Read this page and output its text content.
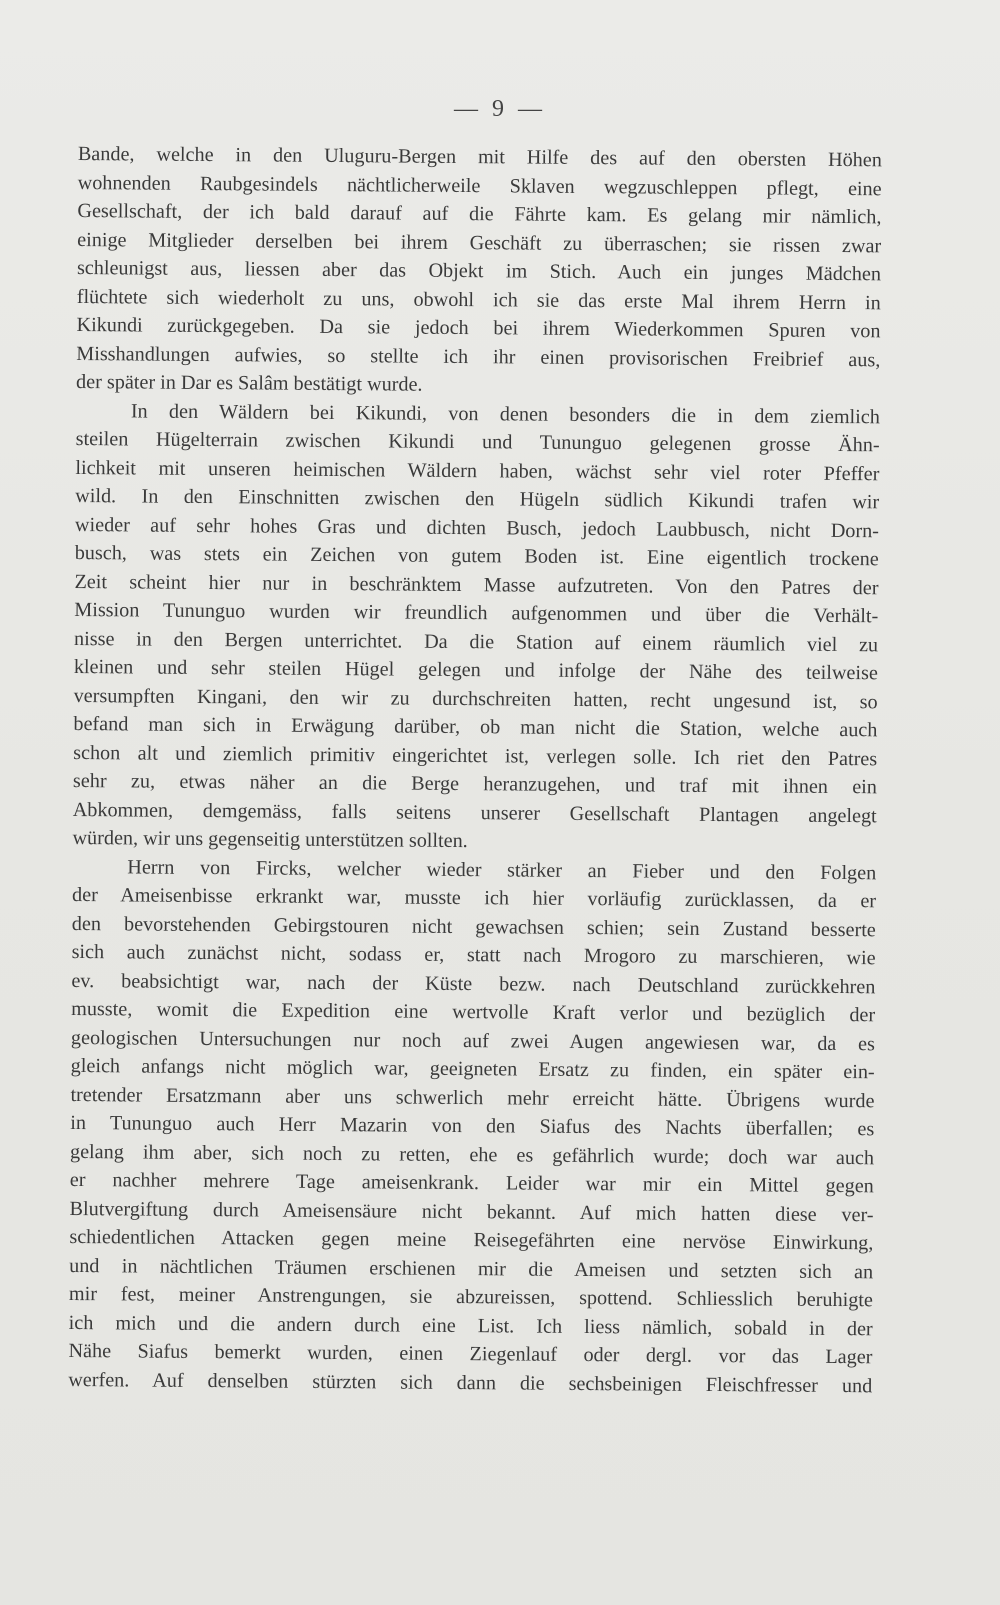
— 9 —
Bande, welche in den Uluguru-Bergen mit Hilfe des auf den obersten Höhen
wohnenden Raubgesindels nächtlicherweile Sklaven wegzuschleppen pflegt, eine
Gesellschaft, der ich bald darauf auf die Fährte kam. Es gelang mir nämlich,
einige Mitglieder derselben bei ihrem Geschäft zu überraschen; sie rissen zwar
schleunigst aus, liessen aber das Objekt im Stich. Auch ein junges Mädchen
flüchtete sich wiederholt zu uns, obwohl ich sie das erste Mal ihrem Herrn in
Kikundi zurückgegeben. Da sie jedoch bei ihrem Wiederkommen Spuren von
Misshandlungen aufwies, so stellte ich ihr einen provisorischen Freibrief aus,
der später in Dar es Salâm bestätigt wurde.
In den Wäldern bei Kikundi, von denen besonders die in dem ziemlich
steilen Hügelterrain zwischen Kikundi und Tununguo gelegenen grosse Ähn-
lichkeit mit unseren heimischen Wäldern haben, wächst sehr viel roter Pfeffer
wild. In den Einschnitten zwischen den Hügeln südlich Kikundi trafen wir
wieder auf sehr hohes Gras und dichten Busch, jedoch Laubbusch, nicht Dorn-
busch, was stets ein Zeichen von gutem Boden ist. Eine eigentlich trockene
Zeit scheint hier nur in beschränktem Masse aufzutreten. Von den Patres der
Mission Tununguo wurden wir freundlich aufgenommen und über die Verhält-
nisse in den Bergen unterrichtet. Da die Station auf einem räumlich viel zu
kleinen und sehr steilen Hügel gelegen und infolge der Nähe des teilweise
versumpften Kingani, den wir zu durchschreiten hatten, recht ungesund ist, so
befand man sich in Erwägung darüber, ob man nicht die Station, welche auch
schon alt und ziemlich primitiv eingerichtet ist, verlegen solle. Ich riet den Patres
sehr zu, etwas näher an die Berge heranzugehen, und traf mit ihnen ein
Abkommen, demgemäss, falls seitens unserer Gesellschaft Plantagen angelegt
würden, wir uns gegenseitig unterstützen sollten.
Herrn von Fircks, welcher wieder stärker an Fieber und den Folgen
der Ameisenbisse erkrankt war, musste ich hier vorläufig zurücklassen, da er
den bevorstehenden Gebirgstouren nicht gewachsen schien; sein Zustand besserte
sich auch zunächst nicht, sodass er, statt nach Mrogoro zu marschieren, wie
ev. beabsichtigt war, nach der Küste bezw. nach Deutschland zurückkehren
musste, womit die Expedition eine wertvolle Kraft verlor und bezüglich der
geologischen Untersuchungen nur noch auf zwei Augen angewiesen war, da es
gleich anfangs nicht möglich war, geeigneten Ersatz zu finden, ein später ein-
tretender Ersatzmann aber uns schwerlich mehr erreicht hätte. Übrigens wurde
in Tununguo auch Herr Mazarin von den Siafus des Nachts überfallen; es
gelang ihm aber, sich noch zu retten, ehe es gefährlich wurde; doch war auch
er nachher mehrere Tage ameisenkrank. Leider war mir ein Mittel gegen
Blutvergiftung durch Ameisensäure nicht bekannt. Auf mich hatten diese ver-
schiedentlichen Attacken gegen meine Reisegefährten eine nervöse Einwirkung,
und in nächtlichen Träumen erschienen mir die Ameisen und setzten sich an
mir fest, meiner Anstrengungen, sie abzureissen, spottend. Schliesslich beruhigte
ich mich und die andern durch eine List. Ich liess nämlich, sobald in der
Nähe Siafus bemerkt wurden, einen Ziegenlauf oder dergl. vor das Lager
werfen. Auf denselben stürzten sich dann die sechsbeinigen Fleischfresser und
